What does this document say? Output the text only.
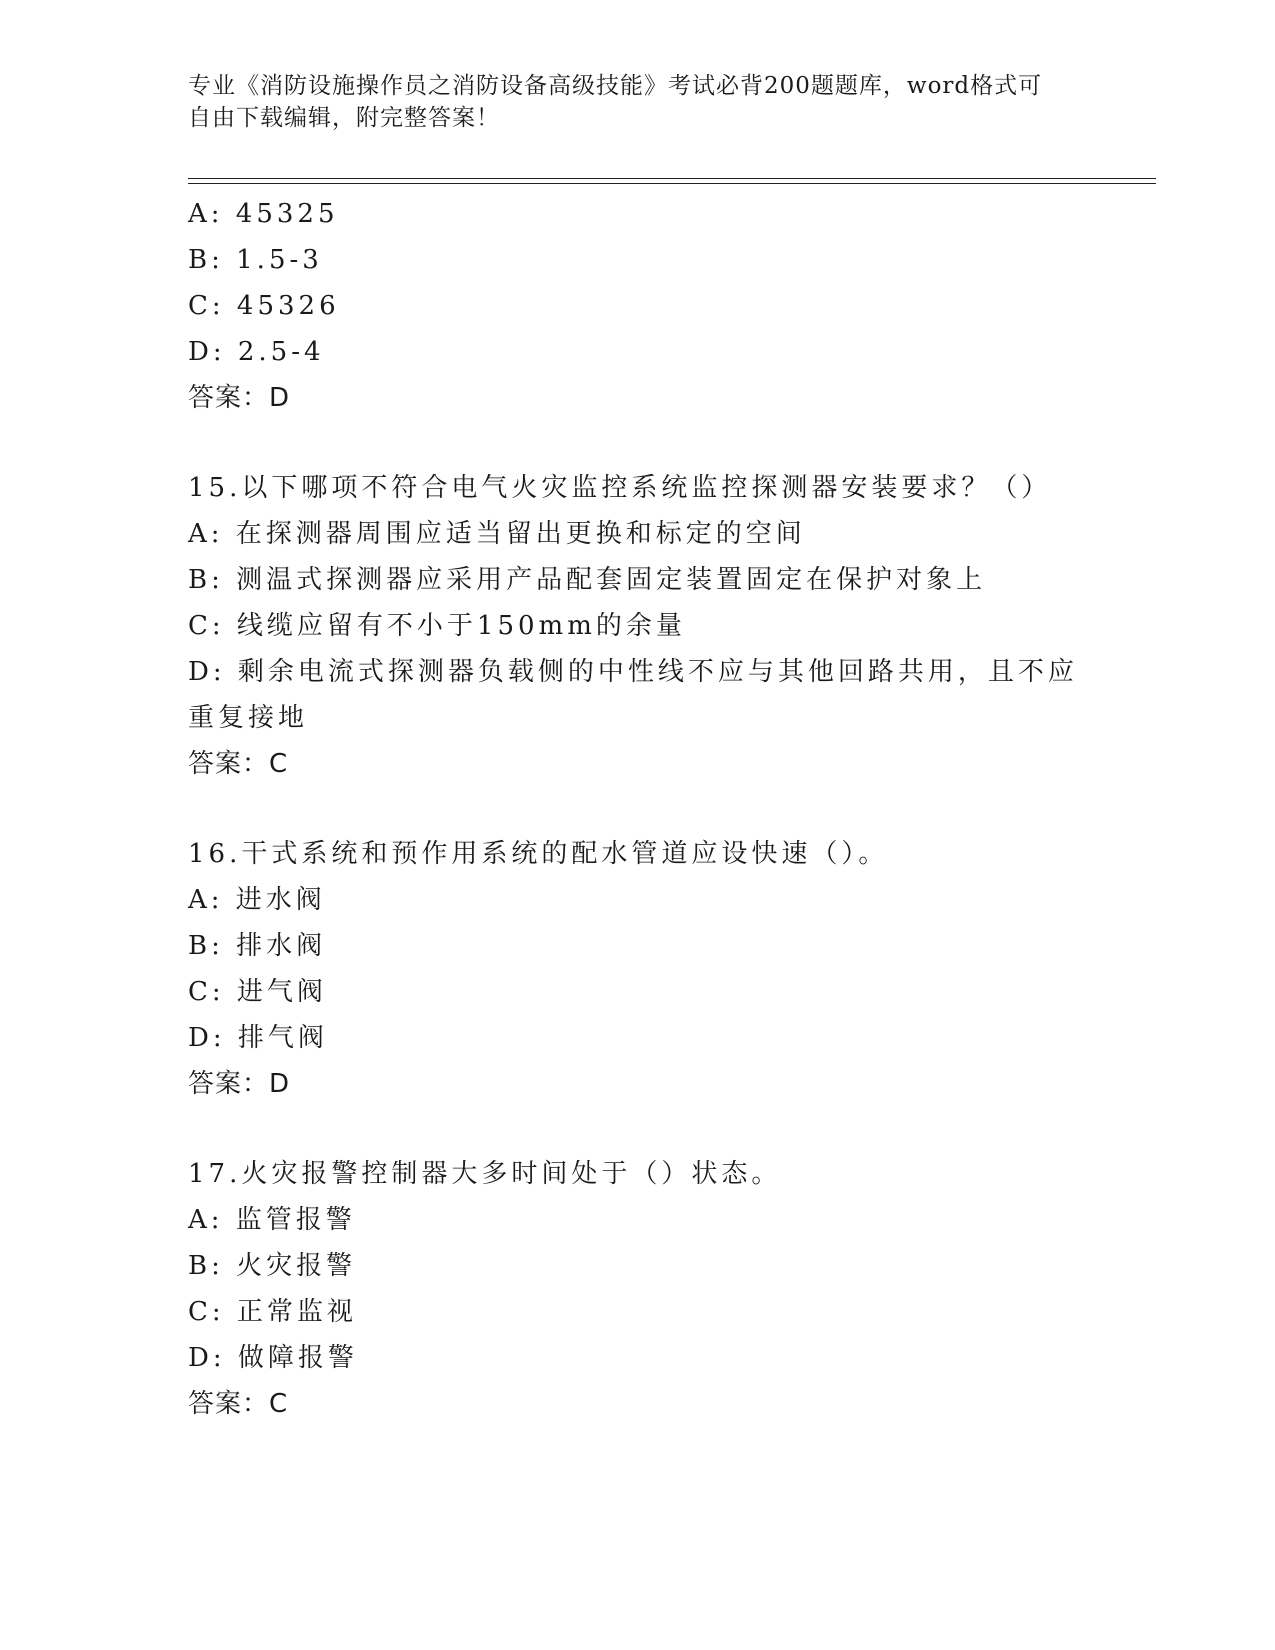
专业《消防设施操作员之消防设备高级技能》考试必背200题题库，word格式可
自由下载编辑，附完整答案！
A: 45325
B: 1.5-3
C: 45326
D: 2.5-4
答案：D
15.以下哪项不符合电气火灾监控系统监控探测器安装要求？（）
A: 在探测器周围应适当留出更换和标定的空间
B: 测温式探测器应采用产品配套固定装置固定在保护对象上
C: 线缆应留有不小于150mm的余量
D: 剩余电流式探测器负载侧的中性线不应与其他回路共用，且不应重复接地
答案：C
16.干式系统和预作用系统的配水管道应设快速（）。
A: 进水阀
B: 排水阀
C: 进气阀
D: 排气阀
答案：D
17.火灾报警控制器大多时间处于（）状态。
A: 监管报警
B: 火灾报警
C: 正常监视
D: 做障报警
答案：C
